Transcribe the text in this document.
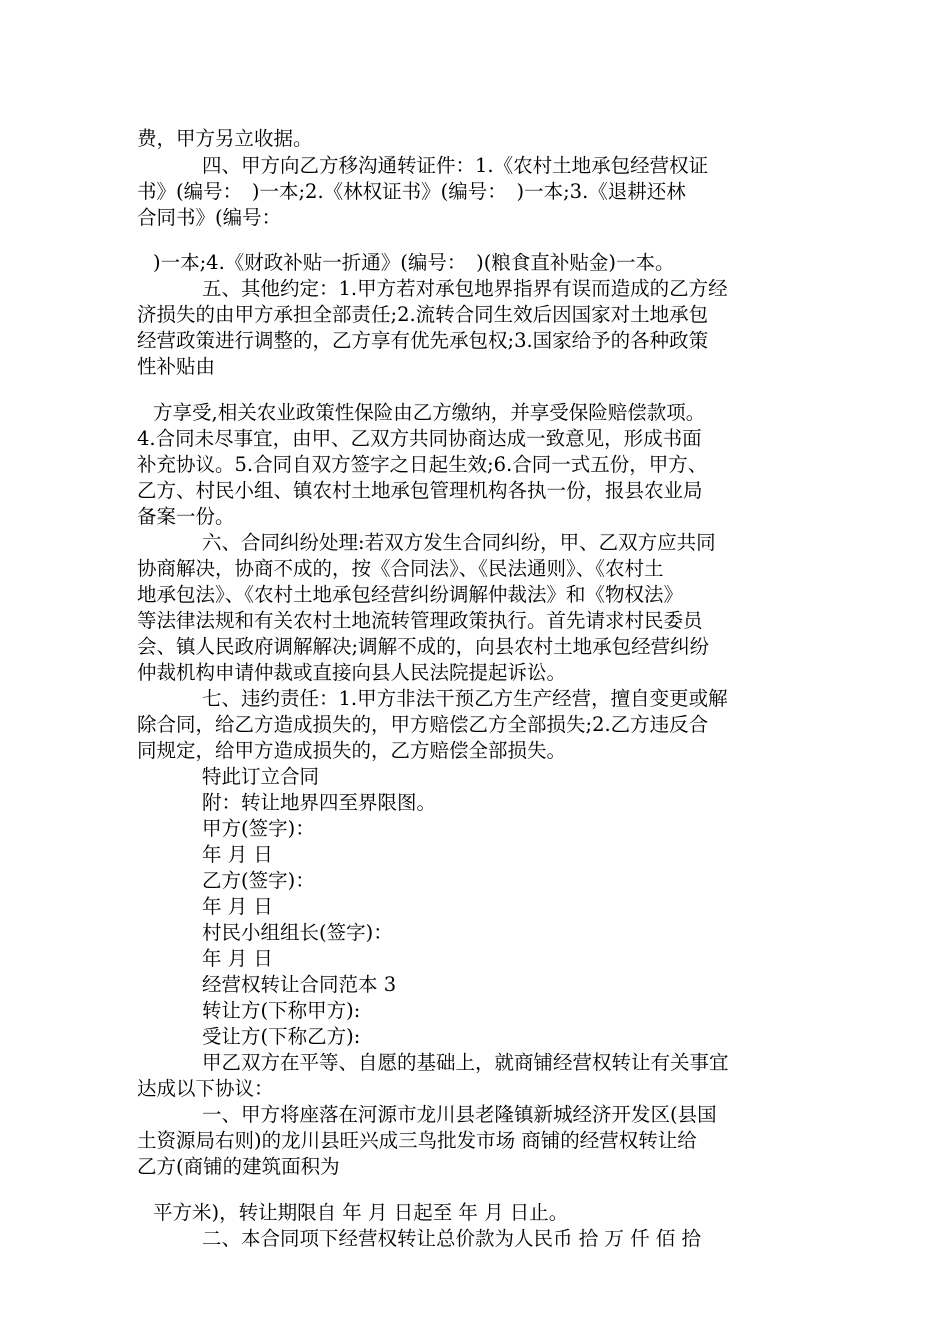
费，甲方另立收据。
四、甲方向乙方移沟通转证件：1.《农村土地承包经营权证
书》(编号：　)一本;2.《林权证书》(编号：　)一本;3.《退耕还林
合同书》(编号：
)一本;4.《财政补贴一折通》(编号：　)(粮食直补贴金)一本。
五、其他约定：1.甲方若对承包地界指界有误而造成的乙方经
济损失的由甲方承担全部责任;2.流转合同生效后因国家对土地承包
经营政策进行调整的，乙方享有优先承包权;3.国家给予的各种政策
性补贴由
方享受,相关农业政策性保险由乙方缴纳，并享受保险赔偿款项。
4.合同未尽事宜，由甲、乙双方共同协商达成一致意见，形成书面
补充协议。5.合同自双方签字之日起生效;6.合同一式五份，甲方、
乙方、村民小组、镇农村土地承包管理机构各执一份，报县农业局
备案一份。
六、合同纠纷处理:若双方发生合同纠纷，甲、乙双方应共同
协商解决，协商不成的，按《合同法》、《民法通则》、《农村土
地承包法》、《农村土地承包经营纠纷调解仲裁法》和《物权法》
等法律法规和有关农村土地流转管理政策执行。首先请求村民委员
会、镇人民政府调解解决;调解不成的，向县农村土地承包经营纠纷
仲裁机构申请仲裁或直接向县人民法院提起诉讼。
七、违约责任：1.甲方非法干预乙方生产经营，擅自变更或解
除合同，给乙方造成损失的，甲方赔偿乙方全部损失;2.乙方违反合
同规定，给甲方造成损失的，乙方赔偿全部损失。
特此订立合同
附：转让地界四至界限图。
甲方(签字)：
年 月 日
乙方(签字)：
年 月 日
村民小组组长(签字)：
年 月 日
经营权转让合同范本 3
转让方(下称甲方):
受让方(下称乙方):
甲乙双方在平等、自愿的基础上，就商铺经营权转让有关事宜
达成以下协议：
一、甲方将座落在河源市龙川县老隆镇新城经济开发区(县国
土资源局右则)的龙川县旺兴成三鸟批发市场 商铺的经营权转让给
乙方(商铺的建筑面积为
平方米)，转让期限自 年 月 日起至 年 月 日止。
二、本合同项下经营权转让总价款为人民币 拾 万 仟 佰 拾
